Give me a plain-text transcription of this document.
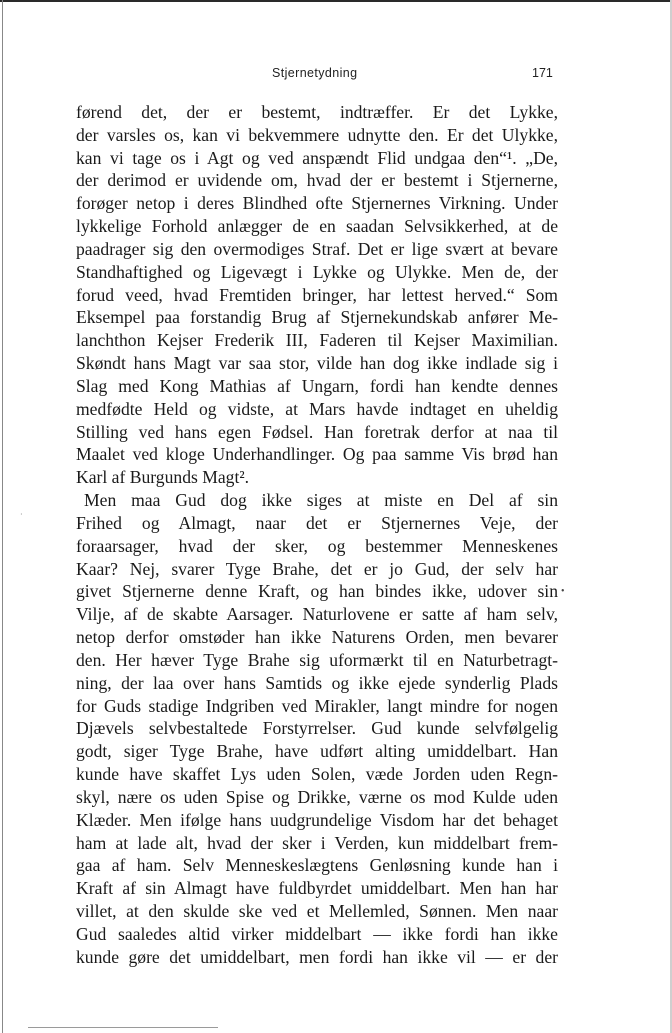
Stjernetydning	171
førend det, der er bestemt, indtræffer. Er det Lykke,
der varsles os, kan vi bekvemmere udnytte den. Er det Ulykke,
kan vi tage os i Agt og ved anspændt Flid undgaa den“¹. „De,
der derimod er uvidende om, hvad der er bestemt i Stjernerne,
forøger netop i deres Blindhed ofte Stjernernes Virkning. Under
lykkelige Forhold anlægger de en saadan Selvsikkerhed, at de
paadrager sig den overmodiges Straf. Det er lige svært at bevare
Standhaftighed og Ligevægt i Lykke og Ulykke. Men de, der
forud veed, hvad Fremtiden bringer, har lettest herved.“ Som
Eksempel paa forstandig Brug af Stjernekundskab anfører Me-
lanchthon Kejser Frederik III, Faderen til Kejser Maximilian.
Skøndt hans Magt var saa stor, vilde han dog ikke indlade sig i
Slag med Kong Mathias af Ungarn, fordi han kendte dennes
medfødte Held og vidste, at Mars havde indtaget en uheldig
Stilling ved hans egen Fødsel. Han foretrak derfor at naa til
Maalet ved kloge Underhandlinger. Og paa samme Vis brød han
Karl af Burgunds Magt².
Men maa Gud dog ikke siges at miste en Del af sin
Frihed og Almagt, naar det er Stjernernes Veje, der
foraarsager, hvad der sker, og bestemmer Menneskenes
Kaar? Nej, svarer Tyge Brahe, det er jo Gud, der selv har
givet Stjernerne denne Kraft, og han bindes ikke, udover sin
Vilje, af de skabte Aarsager. Naturlovene er satte af ham selv,
netop derfor omstøder han ikke Naturens Orden, men bevarer
den. Her hæver Tyge Brahe sig uformærkt til en Naturbetragt-
ning, der laa over hans Samtids og ikke ejede synderlig Plads
for Guds stadige Indgriben ved Mirakler, langt mindre for nogen
Djævels selvbestaltede Forstyrrelser. Gud kunde selvfølgelig
godt, siger Tyge Brahe, have udført alting umiddelbart. Han
kunde have skaffet Lys uden Solen, væde Jorden uden Regn-
skyl, nære os uden Spise og Drikke, værne os mod Kulde uden
Klæder. Men ifølge hans uudgrundelige Visdom har det behaget
ham at lade alt, hvad der sker i Verden, kun middelbart frem-
gaa af ham. Selv Menneskeslægtens Genløsning kunde han i
Kraft af sin Almagt have fuldbyrdet umiddelbart. Men han har
villet, at den skulde ske ved et Mellemled, Sønnen. Men naar
Gud saaledes altid virker middelbart — ikke fordi han ikke
kunde gøre det umiddelbart, men fordi han ikke vil — er der
•
·
